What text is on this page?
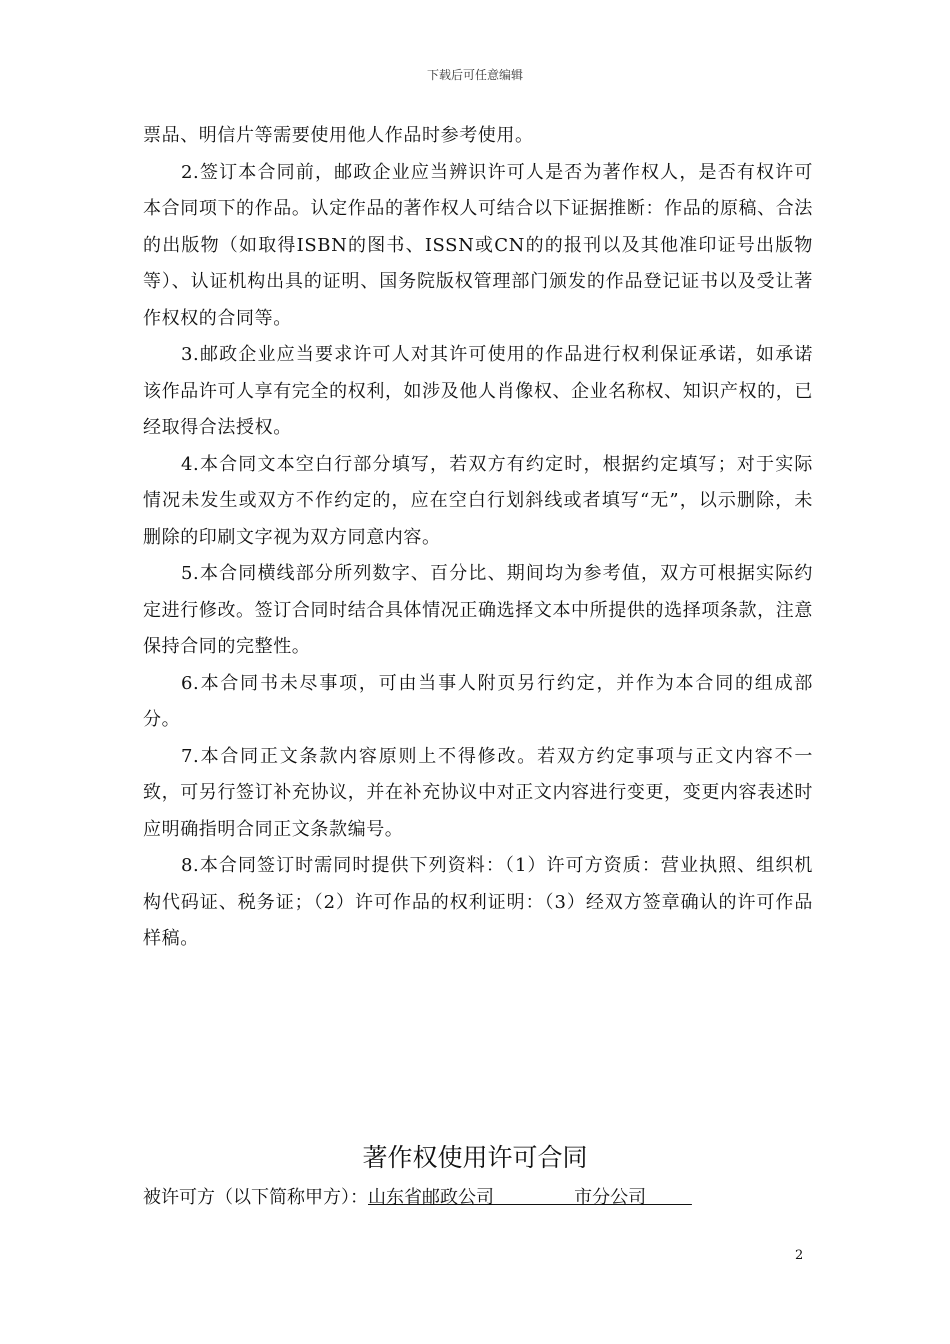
下载后可任意编辑

票品、明信片等需要使用他人作品时参考使用。

2.签订本合同前，邮政企业应当辨识许可人是否为著作权人，是否有权许可本合同项下的作品。认定作品的著作权人可结合以下证据推断：作品的原稿、合法的出版物（如取得ISBN的图书、ISSN或CN的的报刊以及其他准印证号出版物等）、认证机构出具的证明、国务院版权管理部门颁发的作品登记证书以及受让著作权权的合同等。

3.邮政企业应当要求许可人对其许可使用的作品进行权利保证承诺，如承诺该作品许可人享有完全的权利，如涉及他人肖像权、企业名称权、知识产权的，已经取得合法授权。

4.本合同文本空白行部分填写，若双方有约定时，根据约定填写；对于实际情况未发生或双方不作约定的，应在空白行划斜线或者填写“无”，以示删除，未删除的印刷文字视为双方同意内容。

5.本合同横线部分所列数字、百分比、期间均为参考值，双方可根据实际约定进行修改。签订合同时结合具体情况正确选择文本中所提供的选择项条款，注意保持合同的完整性。

6.本合同书未尽事项，可由当事人附页另行约定，并作为本合同的组成部分。

7.本合同正文条款内容原则上不得修改。若双方约定事项与正文内容不一致，可另行签订补充协议，并在补充协议中对正文内容进行变更，变更内容表述时应明确指明合同正文条款编号。

8.本合同签订时需同时提供下列资料：（1）许可方资质：营业执照、组织机构代码证、税务证；（2）许可作品的权利证明：（3）经双方签章确认的许可作品样稿。

著作权使用许可合同
被许可方（以下简称甲方）：山东省邮政公司              市分公司
2
